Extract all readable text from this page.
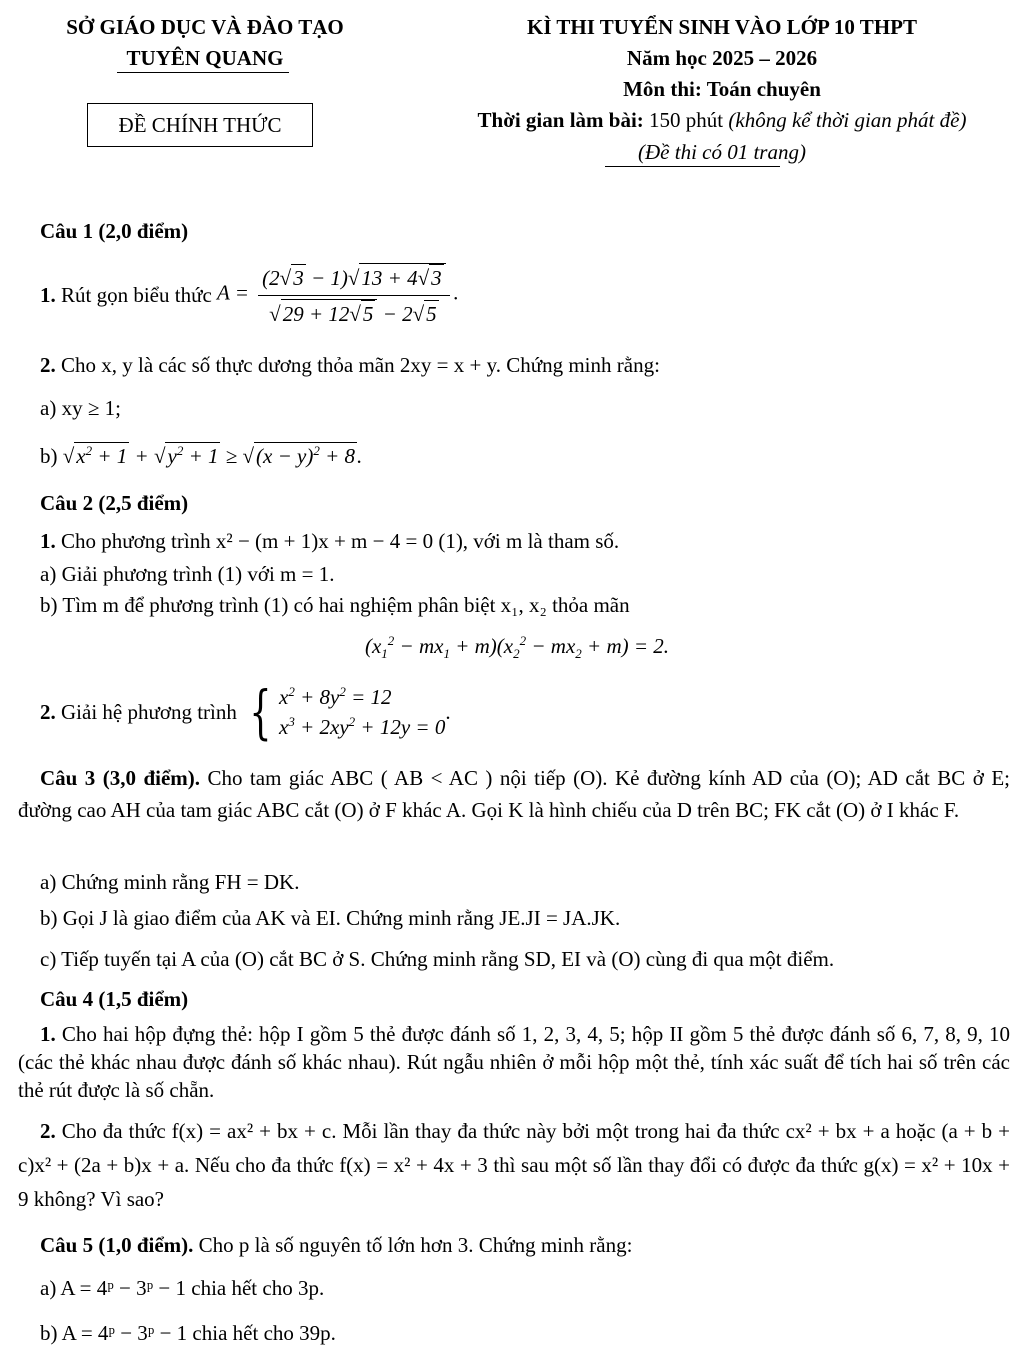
SỞ GIÁO DỤC VÀ ĐÀO TẠO
TUYÊN QUANG
ĐỀ CHÍNH THỨC
KÌ THI TUYỂN SINH VÀO LỚP 10 THPT
Năm học 2025 – 2026
Môn thi: Toán chuyên
Thời gian làm bài: 150 phút (không kể thời gian phát đề)
(Đề thi có 01 trang)
Câu 1 (2,0 điểm)
1.
Rút gọn biểu thức
$A = \frac{(2√3 - 1)√13 + 4√3}{√29 + 12√5 - 2√5}$ .
2. Cho x, y là các số thực dương thỏa mãn 2xy = x + y. Chứng minh rằng:
a) xy ≥ 1;
b) $√x^2 + 1 + √y^2 + 1 \ge √(x - y)^2 + 8$.
Câu 2 (2,5 điểm)
1. Cho phương trình x² − (m + 1)x + m − 4 = 0 (1), với m là tham số.
a) Giải phương trình (1) với m = 1.
b) Tìm m để phương trình (1) có hai nghiệm phân biệt x₁, x₂ thỏa mãn
$(x_1^2 - mx_1 + m)(x_2^2 - mx_2 + m) = 2$.
2.
Giải hệ phương trình
{ $x^2 + 8y^2 = 12$
$x^3 + 2xy^2 + 12y = 0$
.
Câu 3 (3,0 điểm). Cho tam giác ABC ( AB < AC ) nội tiếp (O). Kẻ đường kính AD của (O); AD cắt BC ở E; đường cao AH của tam giác ABC cắt (O) ở F khác A. Gọi K là hình chiếu của D trên BC; FK cắt (O) ở I khác F.
a) Chứng minh rằng FH = DK.
b) Gọi J là giao điểm của AK và EI. Chứng minh rằng JE.JI = JA.JK.
c) Tiếp tuyến tại A của (O) cắt BC ở S. Chứng minh rằng SD, EI và (O) cùng đi qua một điểm.
Câu 4 (1,5 điểm)
1. Cho hai hộp đựng thẻ: hộp I gồm 5 thẻ được đánh số 1, 2, 3, 4, 5; hộp II gồm 5 thẻ được đánh số 6, 7, 8, 9, 10 (các thẻ khác nhau được đánh số khác nhau). Rút ngẫu nhiên ở mỗi hộp một thẻ, tính xác suất để tích hai số trên các thẻ rút được là số chẵn.
2. Cho đa thức f(x) = ax² + bx + c. Mỗi lần thay đa thức này bởi một trong hai đa thức cx² + bx + a hoặc (a + b + c)x² + (2a + b)x + a. Nếu cho đa thức f(x) = x² + 4x + 3 thì sau một số lần thay đổi có được đa thức g(x) = x² + 10x + 9 không? Vì sao?
Câu 5 (1,0 điểm). Cho p là số nguyên tố lớn hơn 3. Chứng minh rằng:
a) A = 4ᵖ − 3ᵖ − 1 chia hết cho 3p.
b) A = 4ᵖ − 3ᵖ − 1 chia hết cho 39p.
